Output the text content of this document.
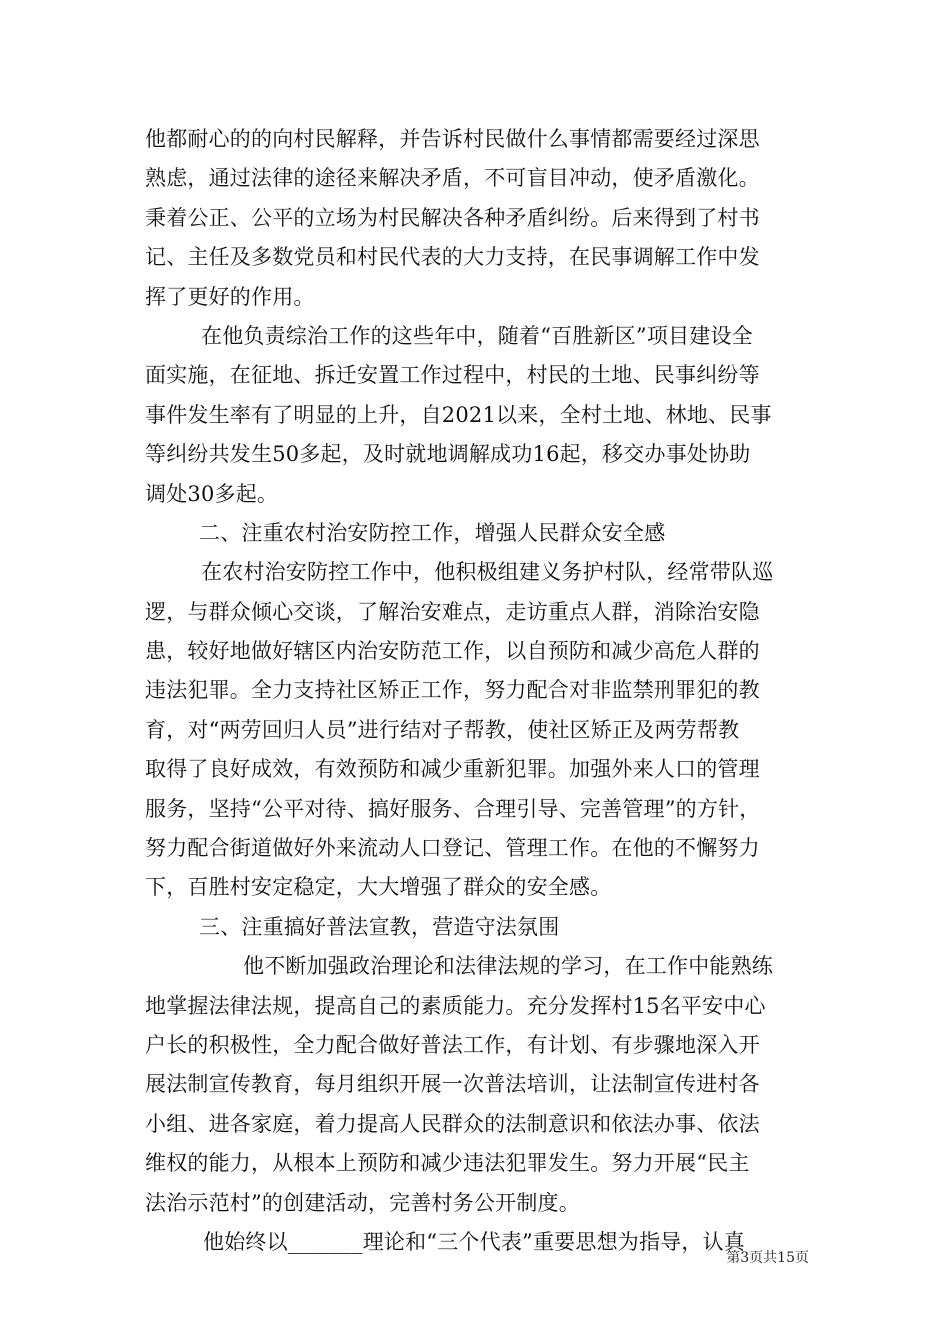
他都耐心的的向村民解释，并告诉村民做什么事情都需要经过深思
熟虑，通过法律的途径来解决矛盾，不可盲目冲动，使矛盾激化。
秉着公正、公平的立场为村民解决各种矛盾纠纷。后来得到了村书
记、主任及多数党员和村民代表的大力支持，在民事调解工作中发
挥了更好的作用。
在他负责综治工作的这些年中，随着“百胜新区”项目建设全
面实施，在征地、拆迁安置工作过程中，村民的土地、民事纠纷等
事件发生率有了明显的上升，自2021以来，全村土地、林地、民事
等纠纷共发生50多起，及时就地调解成功16起，移交办事处协助
调处30多起。
二、注重农村治安防控工作，增强人民群众安全感
在农村治安防控工作中，他积极组建义务护村队，经常带队巡
逻，与群众倾心交谈，了解治安难点，走访重点人群，消除治安隐
患，较好地做好辖区内治安防范工作，以自预防和减少高危人群的
违法犯罪。全力支持社区矫正工作，努力配合对非监禁刑罪犯的教
育，对“两劳回归人员”进行结对子帮教，使社区矫正及两劳帮教
取得了良好成效，有效预防和减少重新犯罪。加强外来人口的管理
服务，坚持“公平对待、搞好服务、合理引导、完善管理”的方针，
努力配合街道做好外来流动人口登记、管理工作。在他的不懈努力
下，百胜村安定稳定，大大增强了群众的安全感。
三、注重搞好普法宣教，营造守法氛围
他不断加强政治理论和法律法规的学习，在工作中能熟练
地掌握法律法规，提高自己的素质能力。充分发挥村15名平安中心
户长的积极性，全力配合做好普法工作，有计划、有步骤地深入开
展法制宣传教育，每月组织开展一次普法培训，让法制宣传进村各
小组、进各家庭，着力提高人民群众的法制意识和依法办事、依法
维权的能力，从根本上预防和减少违法犯罪发生。努力开展“民主
法治示范村”的创建活动，完善村务公开制度。
他始终以_______理论和“三个代表”重要思想为指导，认真
第3页共15页
